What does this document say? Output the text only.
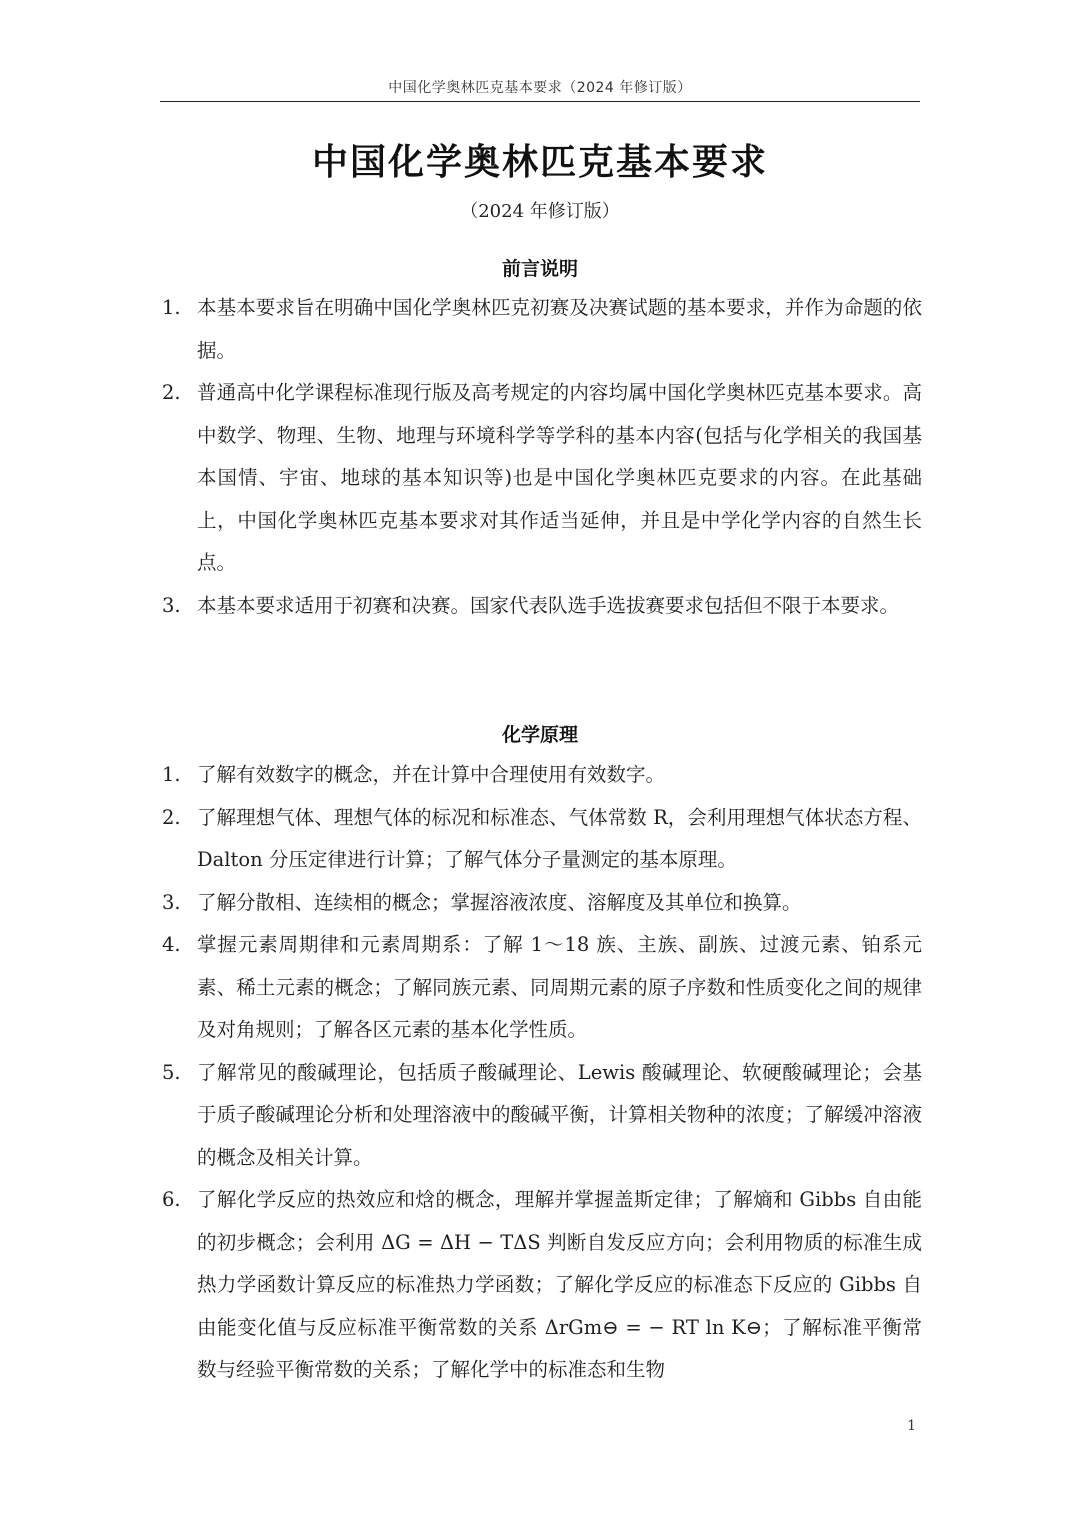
中国化学奥林匹克基本要求（2024 年修订版）
中国化学奥林匹克基本要求
（2024 年修订版）
前言说明
1. 本基本要求旨在明确中国化学奥林匹克初赛及决赛试题的基本要求，并作为命题的依据。
2. 普通高中化学课程标准现行版及高考规定的内容均属中国化学奥林匹克基本要求。高中数学、物理、生物、地理与环境科学等学科的基本内容(包括与化学相关的我国基本国情、宇宙、地球的基本知识等)也是中国化学奥林匹克要求的内容。在此基础上，中国化学奥林匹克基本要求对其作适当延伸，并且是中学化学内容的自然生长点。
3. 本基本要求适用于初赛和决赛。国家代表队选手选拔赛要求包括但不限于本要求。
化学原理
1. 了解有效数字的概念，并在计算中合理使用有效数字。
2. 了解理想气体、理想气体的标况和标准态、气体常数 R，会利用理想气体状态方程、Dalton 分压定律进行计算；了解气体分子量测定的基本原理。
3. 了解分散相、连续相的概念；掌握溶液浓度、溶解度及其单位和换算。
4. 掌握元素周期律和元素周期系：了解 1～18 族、主族、副族、过渡元素、铂系元素、稀土元素的概念；了解同族元素、同周期元素的原子序数和性质变化之间的规律及对角规则；了解各区元素的基本化学性质。
5. 了解常见的酸碱理论，包括质子酸碱理论、Lewis 酸碱理论、软硬酸碱理论；会基于质子酸碱理论分析和处理溶液中的酸碱平衡，计算相关物种的浓度；了解缓冲溶液的概念及相关计算。
6. 了解化学反应的热效应和焓的概念，理解并掌握盖斯定律；了解熵和 Gibbs 自由能的初步概念；会利用 ΔG = ΔH − TΔS 判断自发反应方向；会利用物质的标准生成热力学函数计算反应的标准热力学函数；了解化学反应的标准态下反应的 Gibbs 自由能变化值与反应标准平衡常数的关系 ΔrGm⊖ = − RT ln K⊖；了解标准平衡常数与经验平衡常数的关系；了解化学中的标准态和生物
1
